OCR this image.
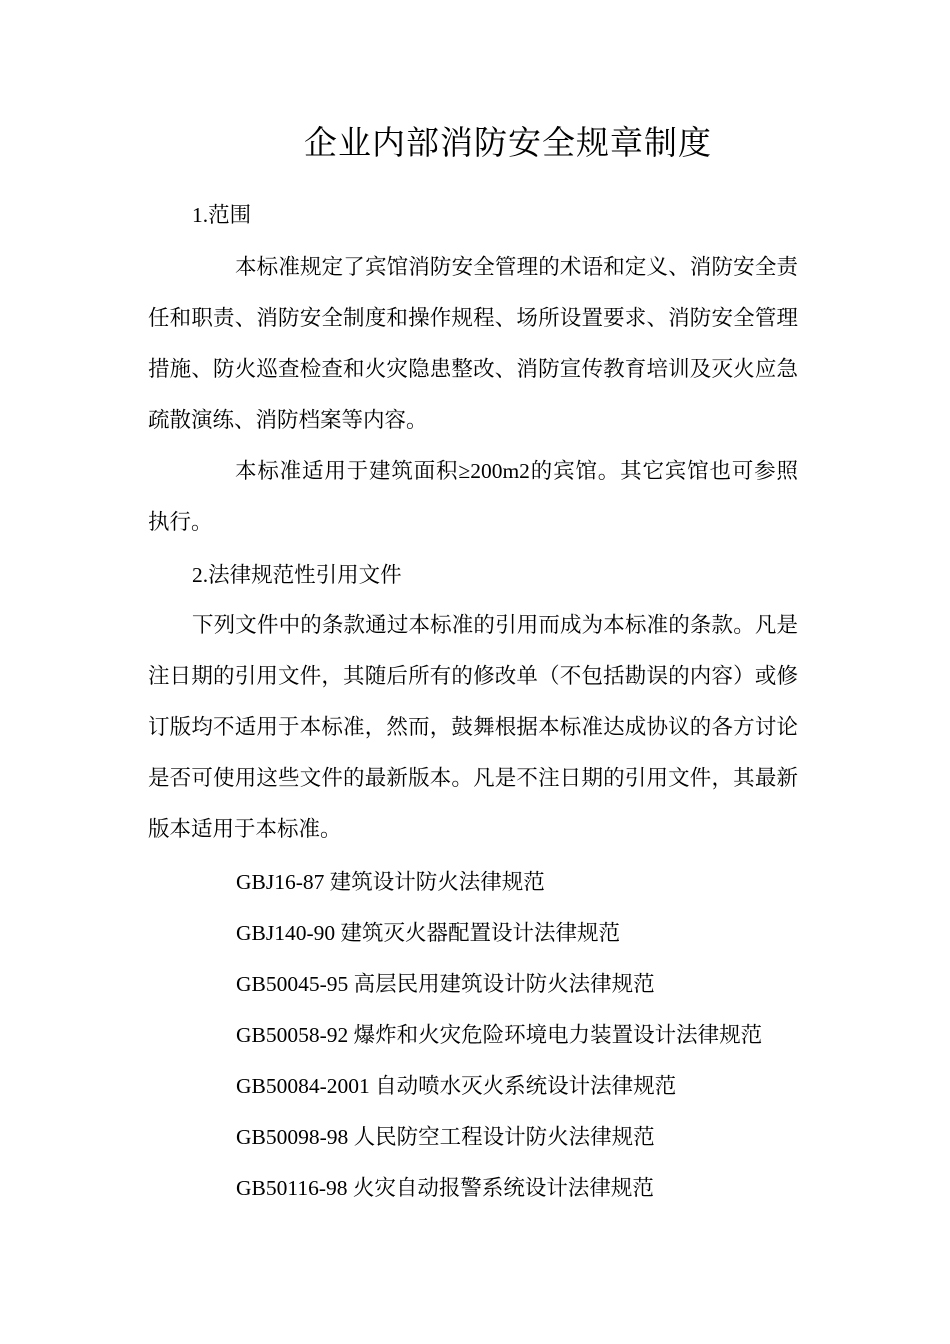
企业内部消防安全规章制度

1.范围

本标准规定了宾馆消防安全管理的术语和定义、消防安全责任和职责、消防安全制度和操作规程、场所设置要求、消防安全管理措施、防火巡查检查和火灾隐患整改、消防宣传教育培训及灭火应急疏散演练、消防档案等内容。

本标准适用于建筑面积≥200m2的宾馆。其它宾馆也可参照执行。

2.法律规范性引用文件

下列文件中的条款通过本标准的引用而成为本标准的条款。凡是注日期的引用文件，其随后所有的修改单（不包括勘误的内容）或修订版均不适用于本标准，然而，鼓舞根据本标准达成协议的各方讨论是否可使用这些文件的最新版本。凡是不注日期的引用文件，其最新版本适用于本标准。

GBJ16-87 建筑设计防火法律规范

GBJ140-90 建筑灭火器配置设计法律规范

GB50045-95 高层民用建筑设计防火法律规范

GB50058-92 爆炸和火灾危险环境电力装置设计法律规范

GB50084-2001 自动喷水灭火系统设计法律规范

GB50098-98 人民防空工程设计防火法律规范

GB50116-98 火灾自动报警系统设计法律规范
